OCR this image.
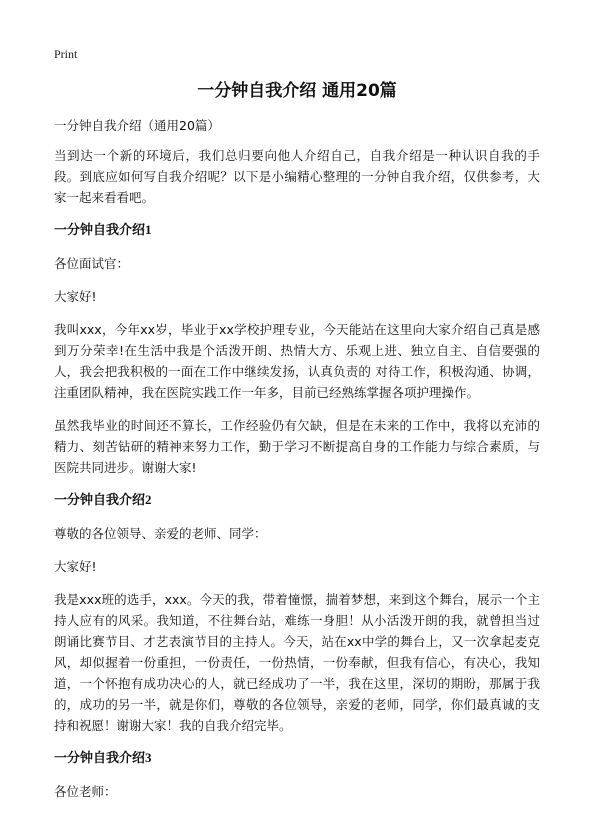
Print
一分钟自我介绍 通用20篇

一分钟自我介绍（通用20篇）

当到达一个新的环境后，我们总归要向他人介绍自己，自我介绍是一种认识自我的手段。到底应如何写自我介绍呢？以下是小编精心整理的一分钟自我介绍，仅供参考，大家一起来看看吧。

一分钟自我介绍1

各位面试官：

大家好!

我叫xxx，今年xx岁，毕业于xx学校护理专业，今天能站在这里向大家介绍自己真是感到万分荣幸!在生活中我是个活泼开朗、热情大方、乐观上进、独立自主、自信要强的人，我会把我积极的一面在工作中继续发扬，认真负责的 对待工作，积极沟通、协调，注重团队精神，我在医院实践工作一年多，目前已经熟练掌握各项护理操作。

虽然我毕业的时间还不算长，工作经验仍有欠缺，但是在未来的工作中，我将以充沛的精力、刻苦钻研的精神来努力工作，勤于学习不断提高自身的工作能力与综合素质，与医院共同进步。谢谢大家!

一分钟自我介绍2

尊敬的各位领导、亲爱的老师、同学：

大家好!

我是xxx班的选手，xxx。今天的我，带着憧憬，揣着梦想，来到这个舞台，展示一个主持人应有的风采。我知道，不往舞台站，难练一身胆！从小活泼开朗的我，就曾担当过朗诵比赛节目、才艺表演节目的主持人。今天，站在xx中学的舞台上，又一次拿起麦克风，却似握着一份重担，一份责任，一份热情，一份奉献，但我有信心，有决心，我知道，一个怀抱有成功决心的人，就已经成功了一半，我在这里，深切的期盼，那属于我的，成功的另一半，就是你们，尊敬的各位领导，亲爱的老师，同学，你们最真诚的支持和祝愿！谢谢大家！我的自我介绍完毕。

一分钟自我介绍3

各位老师：
